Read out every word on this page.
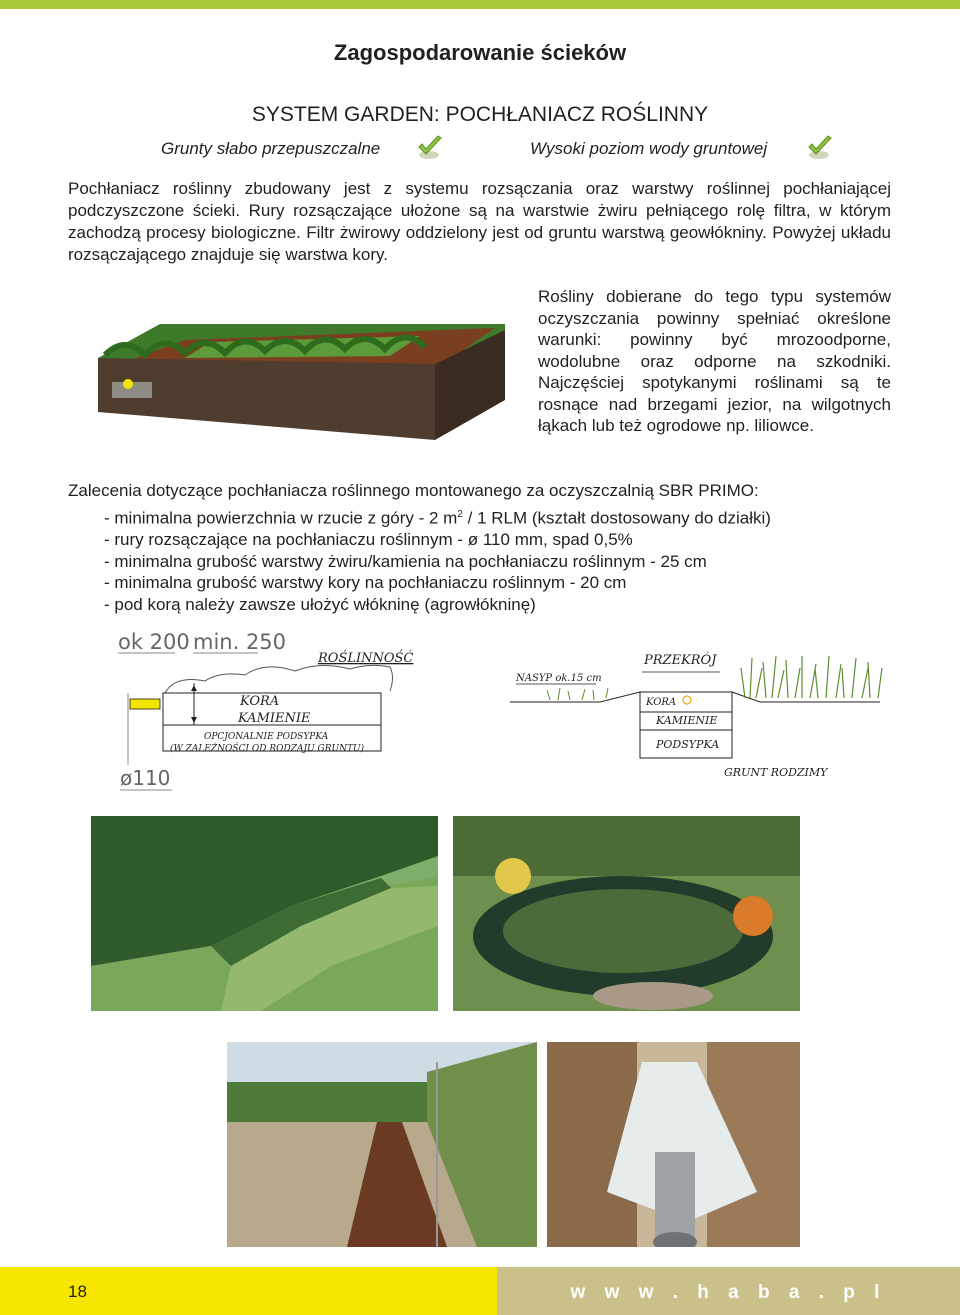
Zagospodarowanie ścieków
SYSTEM GARDEN: POCHŁANIACZ ROŚLINNY
Grunty słabo przepuszczalne	Wysoki poziom wody gruntowej
Pochłaniacz roślinny zbudowany jest z systemu rozsączania oraz warstwy roślinnej pochłaniającej podczyszczone ścieki. Rury rozsączające ułożone są na warstwie żwiru pełniącego rolę filtra, w którym zachodzą procesy biologiczne. Filtr żwirowy oddzielony jest od gruntu warstwą geowłókniny. Powyżej układu rozsączającego znajduje się warstwa kory.
Rośliny dobierane do tego typu systemów oczyszczania powinny spełniać określone warunki: powinny być mrozoodporne, wodolubne oraz odporne na szkodniki. Najczęściej spotykanymi roślinami są te rosnące nad brzegami jezior, na wilgotnych łąkach lub też ogrodowe np. liliowce.
Zalecenia dotyczące pochłaniacza roślinnego montowanego za oczyszczalnią SBR PRIMO:
- minimalna powierzchnia w rzucie z góry - 2 $m^2 / 1$ RLM (kształt dostosowany do działki)
- rury rozsączające na pochłaniaczu roślinnym - ø 110 mm, spad 0,5%
- minimalna grubość warstwy żwiru/kamienia na pochłaniaczu roślinnym - 25 cm
- minimalna grubość warstwy kory na pochłaniaczu roślinnym - 20 cm
- pod korą należy zawsze ułożyć włókninę (agrowłókninę)
ok 200 min. 250
ROŚLINNOŚĆ
KORA
KAMIENIE
OPCJONALNIE PODSYPKA
(W ZALEŻNOŚCI OD RODZAJU GRUNTU)
ø110
PRZEKRÓJ
NASYP ok.15 cm
KORA
KAMIENIE
PODSYPKA
GRUNT RODZIMY
18	w w w . h a b a . p l
